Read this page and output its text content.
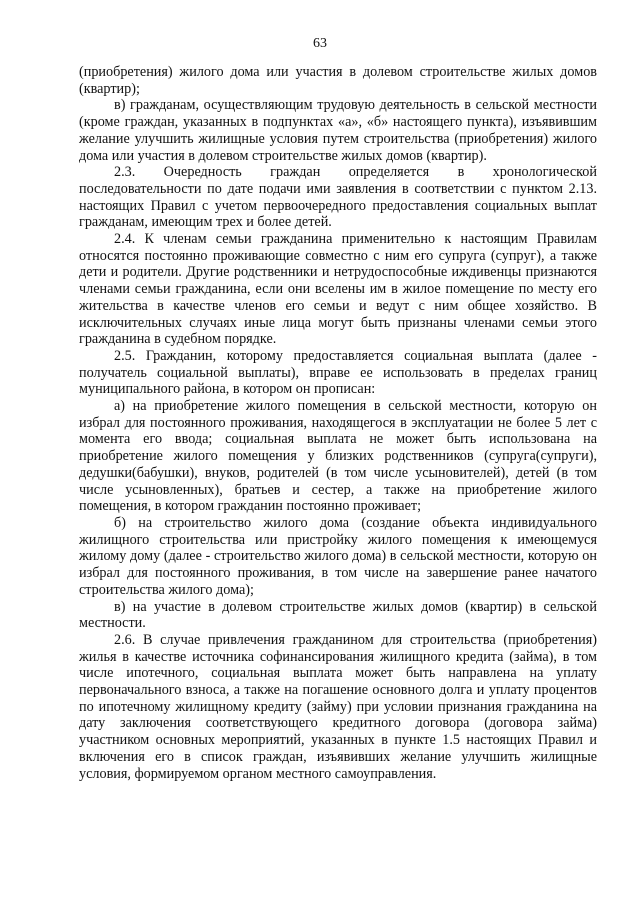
63

(приобретения) жилого дома или участия в долевом строительстве жилых домов (квартир);

в) гражданам, осуществляющим трудовую деятельность в сельской местности (кроме граждан, указанных в подпунктах «а», «б» настоящего пункта), изъявившим желание улучшить жилищные условия путем строительства (приобретения) жилого дома или участия в долевом строительстве жилых домов (квартир).

2.3. Очередность граждан определяется в хронологической последовательности по дате подачи ими заявления в соответствии с пунктом 2.13. настоящих Правил с учетом первоочередного предоставления социальных выплат гражданам, имеющим трех и более детей.

2.4. К членам семьи гражданина применительно к настоящим Правилам относятся постоянно проживающие совместно с ним его супруга (супруг), а также дети и родители. Другие родственники и нетрудоспособные иждивенцы признаются членами семьи гражданина, если они вселены им в жилое помещение по месту его жительства в качестве членов его семьи и ведут с ним общее хозяйство. В исключительных случаях иные лица могут быть признаны членами семьи этого гражданина в судебном порядке.

2.5. Гражданин, которому предоставляется социальная выплата (далее - получатель социальной выплаты), вправе ее использовать в пределах границ муниципального района, в котором он прописан:

а) на приобретение жилого помещения в сельской местности, которую он избрал для постоянного проживания, находящегося в эксплуатации не более 5 лет с момента его ввода; социальная выплата не может быть использована на приобретение жилого помещения у близких родственников (супруга(супруги), дедушки(бабушки), внуков, родителей (в том числе усыновителей), детей (в том числе усыновленных), братьев и сестер, а также на приобретение жилого помещения, в котором гражданин постоянно проживает;

б) на строительство жилого дома (создание объекта индивидуального жилищного строительства или пристройку жилого помещения к имеющемуся жилому дому (далее - строительство жилого дома) в сельской местности, которую он избрал для постоянного проживания, в том числе на завершение ранее начатого строительства жилого дома);

в) на участие в долевом строительстве жилых домов (квартир) в сельской местности.

2.6. В случае привлечения гражданином для строительства (приобретения) жилья в качестве источника софинансирования жилищного кредита (займа), в том числе ипотечного, социальная выплата может быть направлена на уплату первоначального взноса, а также на погашение основного долга и уплату процентов по ипотечному жилищному кредиту (займу) при условии признания гражданина на дату заключения соответствующего кредитного договора (договора займа) участником основных мероприятий, указанных в пункте 1.5 настоящих Правил и включения его в список граждан, изъявивших желание улучшить жилищные условия, формируемом органом местного самоуправления.
